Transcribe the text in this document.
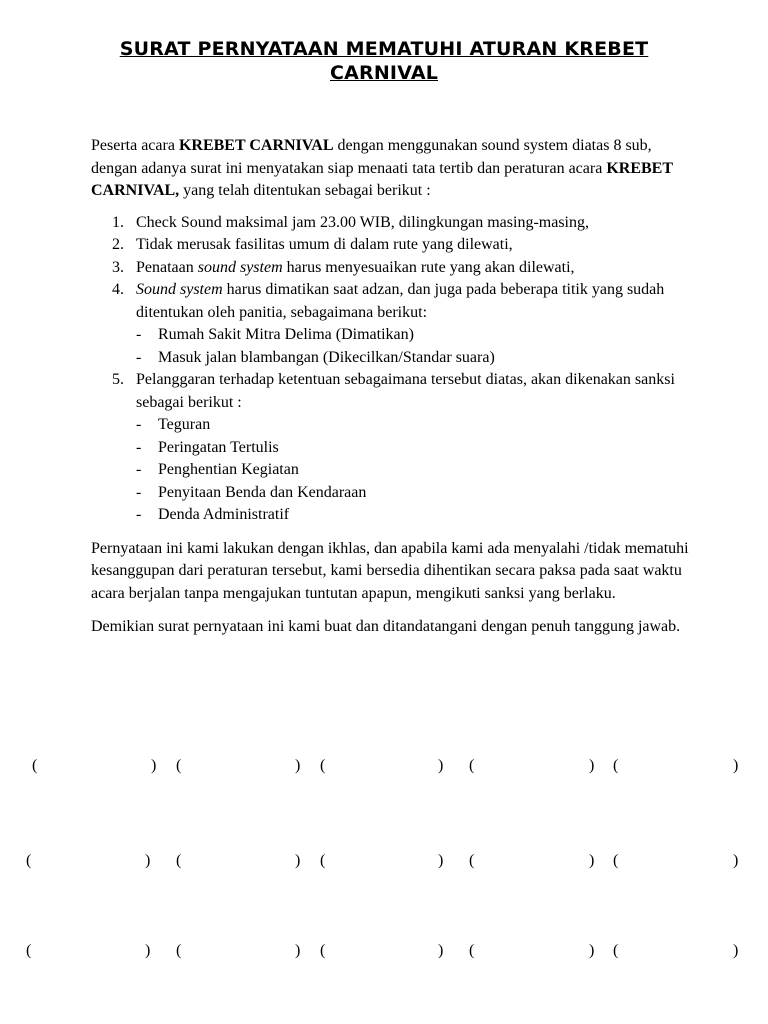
SURAT PERNYATAAN MEMATUHI ATURAN KREBET CARNIVAL

Peserta acara KREBET CARNIVAL dengan menggunakan sound system diatas 8 sub, dengan adanya surat ini menyatakan siap menaati tata tertib dan peraturan acara KREBET CARNIVAL, yang telah ditentukan sebagai berikut :

1. Check Sound maksimal jam 23.00 WIB, dilingkungan masing-masing,
2. Tidak merusak fasilitas umum di dalam rute yang dilewati,
3. Penataan sound system harus menyesuaikan rute yang akan dilewati,
4. Sound system harus dimatikan saat adzan, dan juga pada beberapa titik yang sudah ditentukan oleh panitia, sebagaimana berikut:
- Rumah Sakit Mitra Delima (Dimatikan)
- Masuk jalan blambangan (Dikecilkan/Standar suara)
5. Pelanggaran terhadap ketentuan sebagaimana tersebut diatas, akan dikenakan sanksi sebagai berikut :
- Teguran
- Peringatan Tertulis
- Penghentian Kegiatan
- Penyitaan Benda dan Kendaraan
- Denda Administratif

Pernyataan ini kami lakukan dengan ikhlas, dan apabila kami ada menyalahi /tidak mematuhi kesanggupan dari peraturan tersebut, kami bersedia dihentikan secara paksa pada saat waktu acara berjalan tanpa mengajukan tuntutan apapun, mengikuti sanksi yang berlaku.

Demikian surat pernyataan ini kami buat dan ditandatangani dengan penuh tanggung jawab.

(	) (	) (	) (	) (	)
(	) (	) (	) (	) (	)
(	) (	) (	) (	) (	)
